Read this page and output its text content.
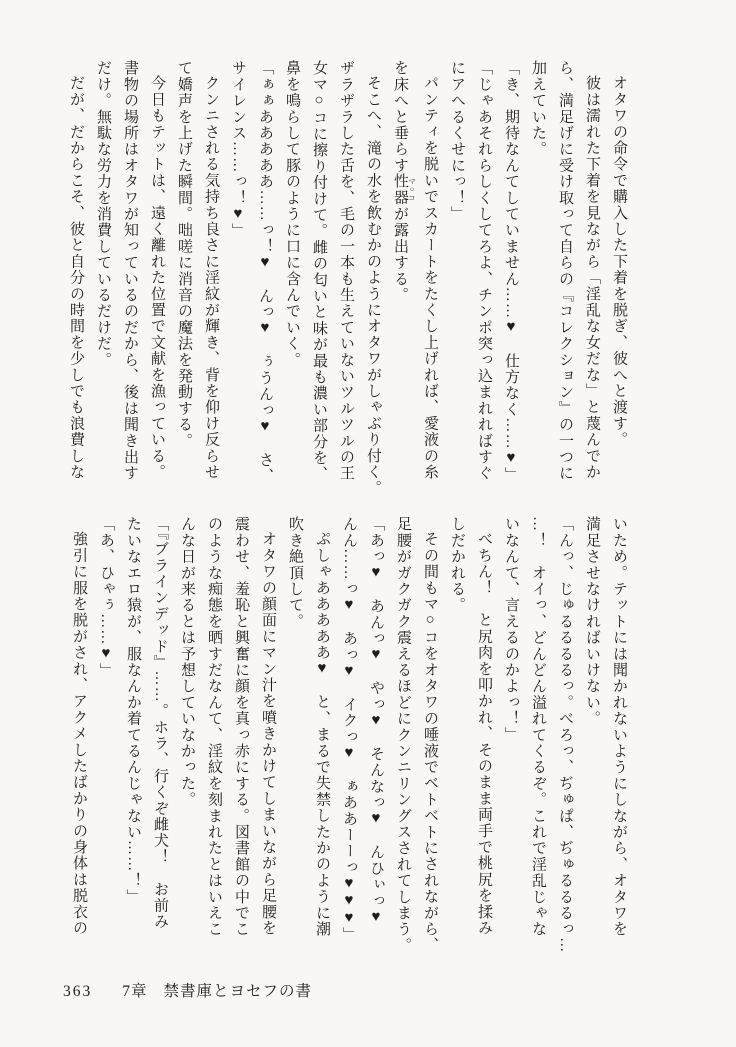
オタワの命令で購入した下着を脱ぎ、彼へと渡す。

彼は濡れた下着を見ながら「淫乱な女だな」と蔑んでか

ら、満足げに受け取って自らの『コレクション』の一つに

加えていた。

「き、期待なんてしていません……♥　仕方なく……♥」

「じゃあそれらしくしてろよ、チンポ突っ込まれればすぐ

にアへるくせにっ！」

パンティを脱いでスカートをたくし上げれば、愛液の糸

を床へと垂らす性器 マ○コが露出する。

そこへ、滝の水を飲むかのようにオタワがしゃぶり付く。

ザラザラした舌を、毛の一本も生えていないツルツルの王

女マ○コに擦り付けて。雌の匂いと味が最も濃い部分を、

鼻を鳴らして豚のように口に含んでいく。

「ぁぁあああああ……っ！♥　んっ♥　ぅうんっ♥　さ、

サイレンス……っ！♥」

クンニされる気持ち良さに淫紋が輝き、背を仰け反らせ

て嬌声を上げた瞬間。咄嗟に消音の魔法を発動する。

今日もテットは、遠く離れた位置で文献を漁っている。

書物の場所はオタワが知っているのだから、後は聞き出す

だけ。無駄な労力を消費しているだけだ。

だが、だからこそ、彼と自分の時間を少しでも浪費しな

いため。テットには聞かれないようにしながら、オタワを

満足させなければいけない。

「んっ、じゅるるるるっ。べろっ、ぢゅぱ、ぢゅるるるっ…

…！　オイっ、どんどん溢れてくるぞ。これで淫乱じゃな

いなんて、言えるのかよっ！」

べちん！　と尻肉を叩かれ、そのまま両手で桃尻を揉み

しだかれる。

その間もマ○コをオタワの唾液でベトベトにされながら、

足腰がガクガク震えるほどにクンニリングスされてしまう。

「あっ♥　あんっ♥　やっ♥　そんなっ♥　んひぃっ♥

んん……っ♥　あっ♥　イクっ♥　ぁああーーっ♥♥♥」

ぷしゃあああああ♥　と、まるで失禁したかのように潮

吹き絶頂して。

オタワの顔面にマン汁を噴きかけてしまいながら足腰を

震わせ、羞恥と興奮に顔を真っ赤にする。図書館の中でこ

のような痴態を晒すだなんて、淫紋を刻まれたとはいえこ

んな日が来るとは予想していなかった。

「『ブラインデッド』……。ホラ、行くぞ雌犬！　お前み

たいなエロ猿が、服なんか着てるんじゃない……！」

「あ、ひゃぅ……♥」

強引に服を脱がされ、アクメしたばかりの身体は脱衣の

363 7章 禁書庫とヨセフの書
